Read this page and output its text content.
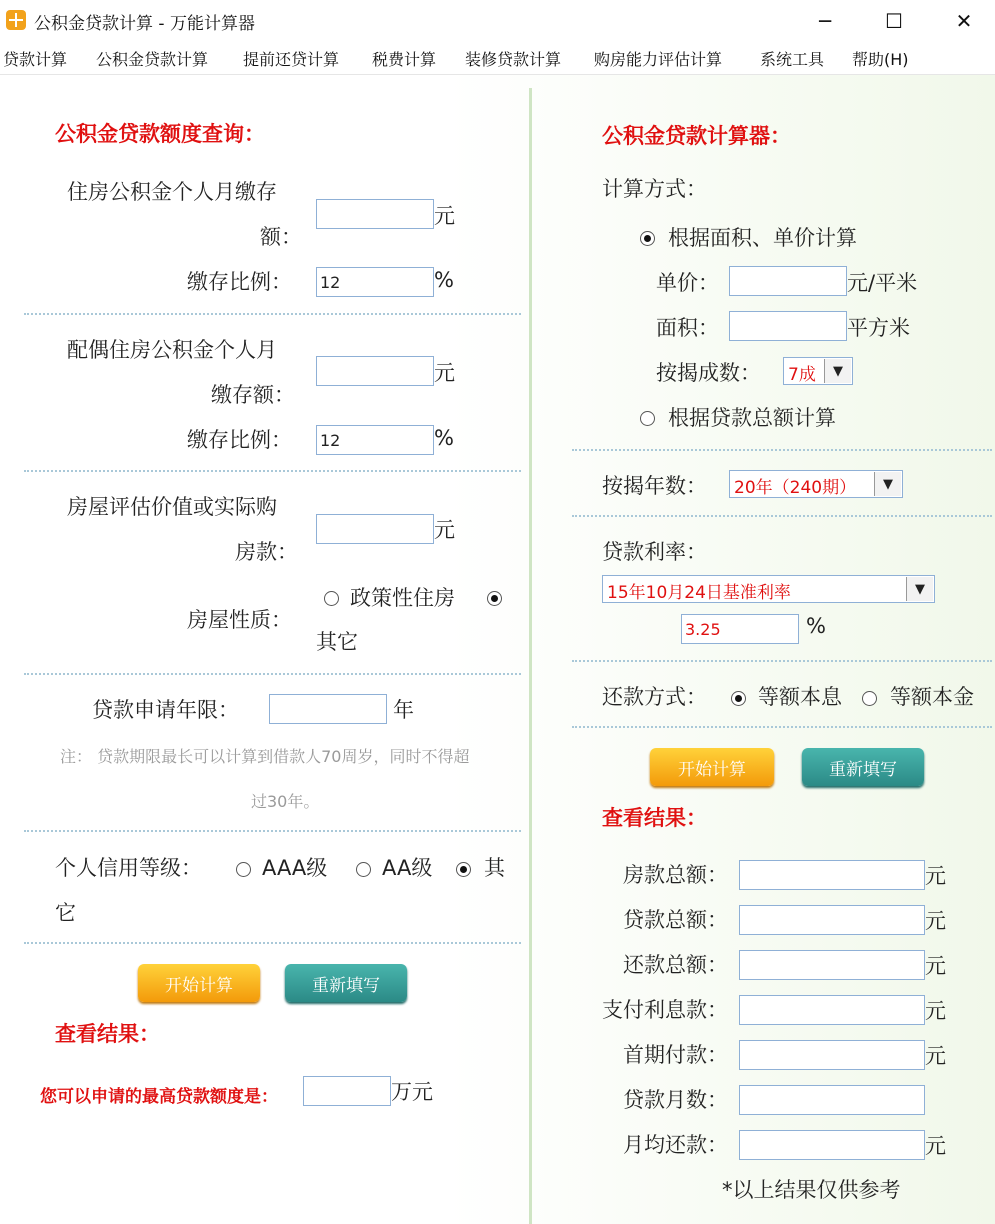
公积金贷款计算 - 万能计算器	─	☐	✕
贷款计算 公积金贷款计算 提前还贷计算 税费计算 装修贷款计算 购房能力评估计算 系统工具 帮助(H)
公积金贷款额度查询：
住房公积金个人月缴存
额：
元
缴存比例：
12	%
配偶住房公积金个人月
缴存额：
元
缴存比例：
12	%
房屋评估价值或实际购
房款：
元
房屋性质：
政策性住房
其它
贷款申请年限：	年
注： 贷款期限最长可以计算到借款人70周岁，同时不得超
过30年。
个人信用等级：	AAA级	AA级 其
它
开始计算	重新填写
查看结果：
您可以申请的最高贷款额度是：	万元
公积金贷款计算器：
计算方式：
根据面积、单价计算
单价：	元/平米
面积：	平方米
按揭成数： 7成	▼
根据贷款总额计算
按揭年数： 20年（240期）	▼
贷款利率：
15年10月24日基准利率	▼
3.25
%
还款方式： 等额本息 等额本金
开始计算	重新填写
查看结果：
房款总额：	元
贷款总额：	元
还款总额：	元
支付利息款：	元
首期付款：	元
贷款月数：
月均还款：	元
*以上结果仅供参考
